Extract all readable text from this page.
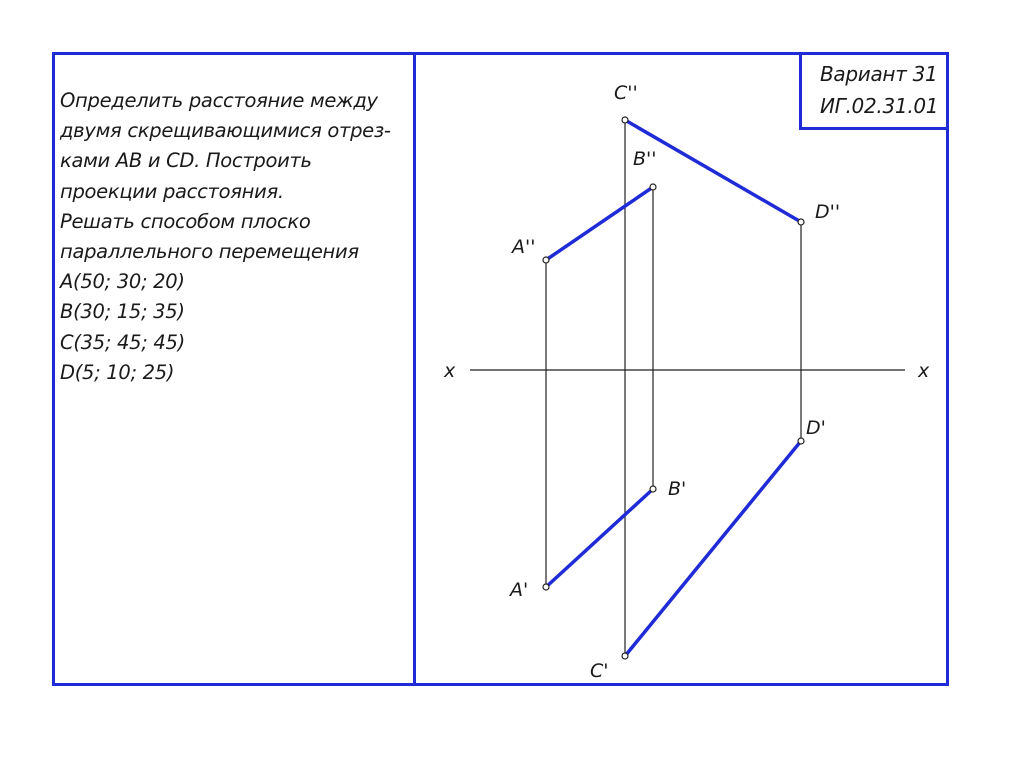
Определить расстояние между
двумя скрещивающимися отрез-
ками АВ и CD. Построить
проекции расстояния.
Решать способом плоско
параллельного перемещения
A(50; 30; 20)
B(30; 15; 35)
C(35; 45; 45)
D(5; 10; 25)
Вариант 31
ИГ.02.31.01
x	x
C''
B''
A''
D''
D'
B'
A'
C'
